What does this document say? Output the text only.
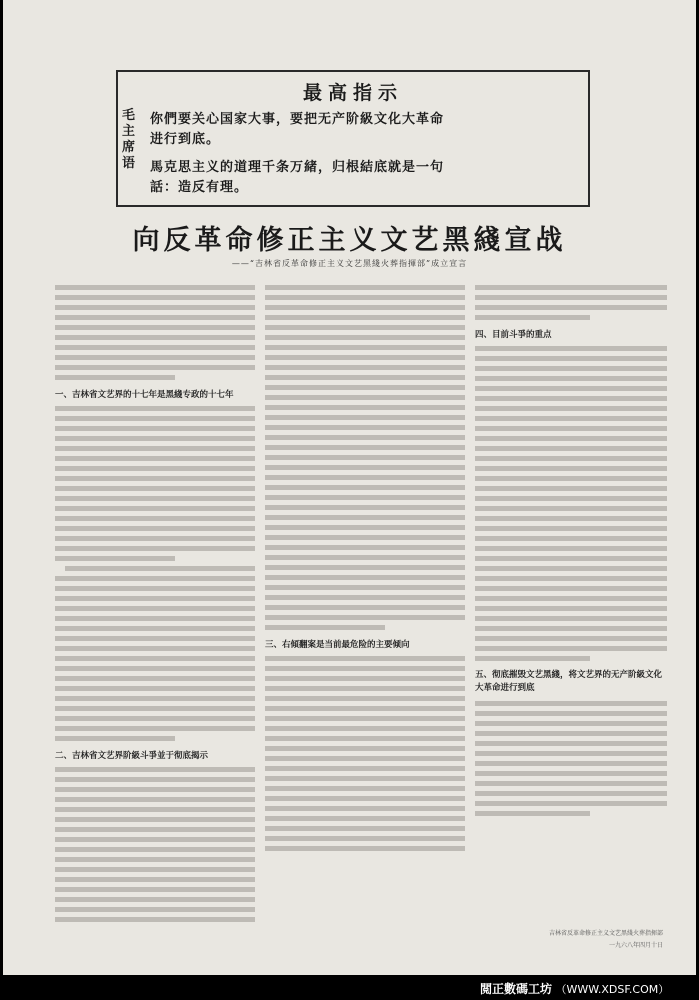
最高指示
毛主席语
你們要关心国家大事，要把无产阶級文化大革命
进行到底。
馬克思主义的道理千条万緒，归根結底就是一句
話：造反有理。
向反革命修正主义文艺黑綫宣战
——“吉林省反革命修正主义文艺黑綫火葬指揮部”成立宣言
一、吉林省文艺界的十七年是黑綫专政的十七年
二、吉林省文艺界阶級斗爭並于彻底揭示
三、右傾翻案是当前最危险的主要倾向
四、目前斗爭的重点
五、彻底摧毁文艺黑綫，将文艺界的无产阶級文化大革命进行到底
吉林省反革命修正主义文艺黑綫火葬指揮部
一九六八年四月十日
閲正數碼工坊 （WWW.XDSF.COM）
